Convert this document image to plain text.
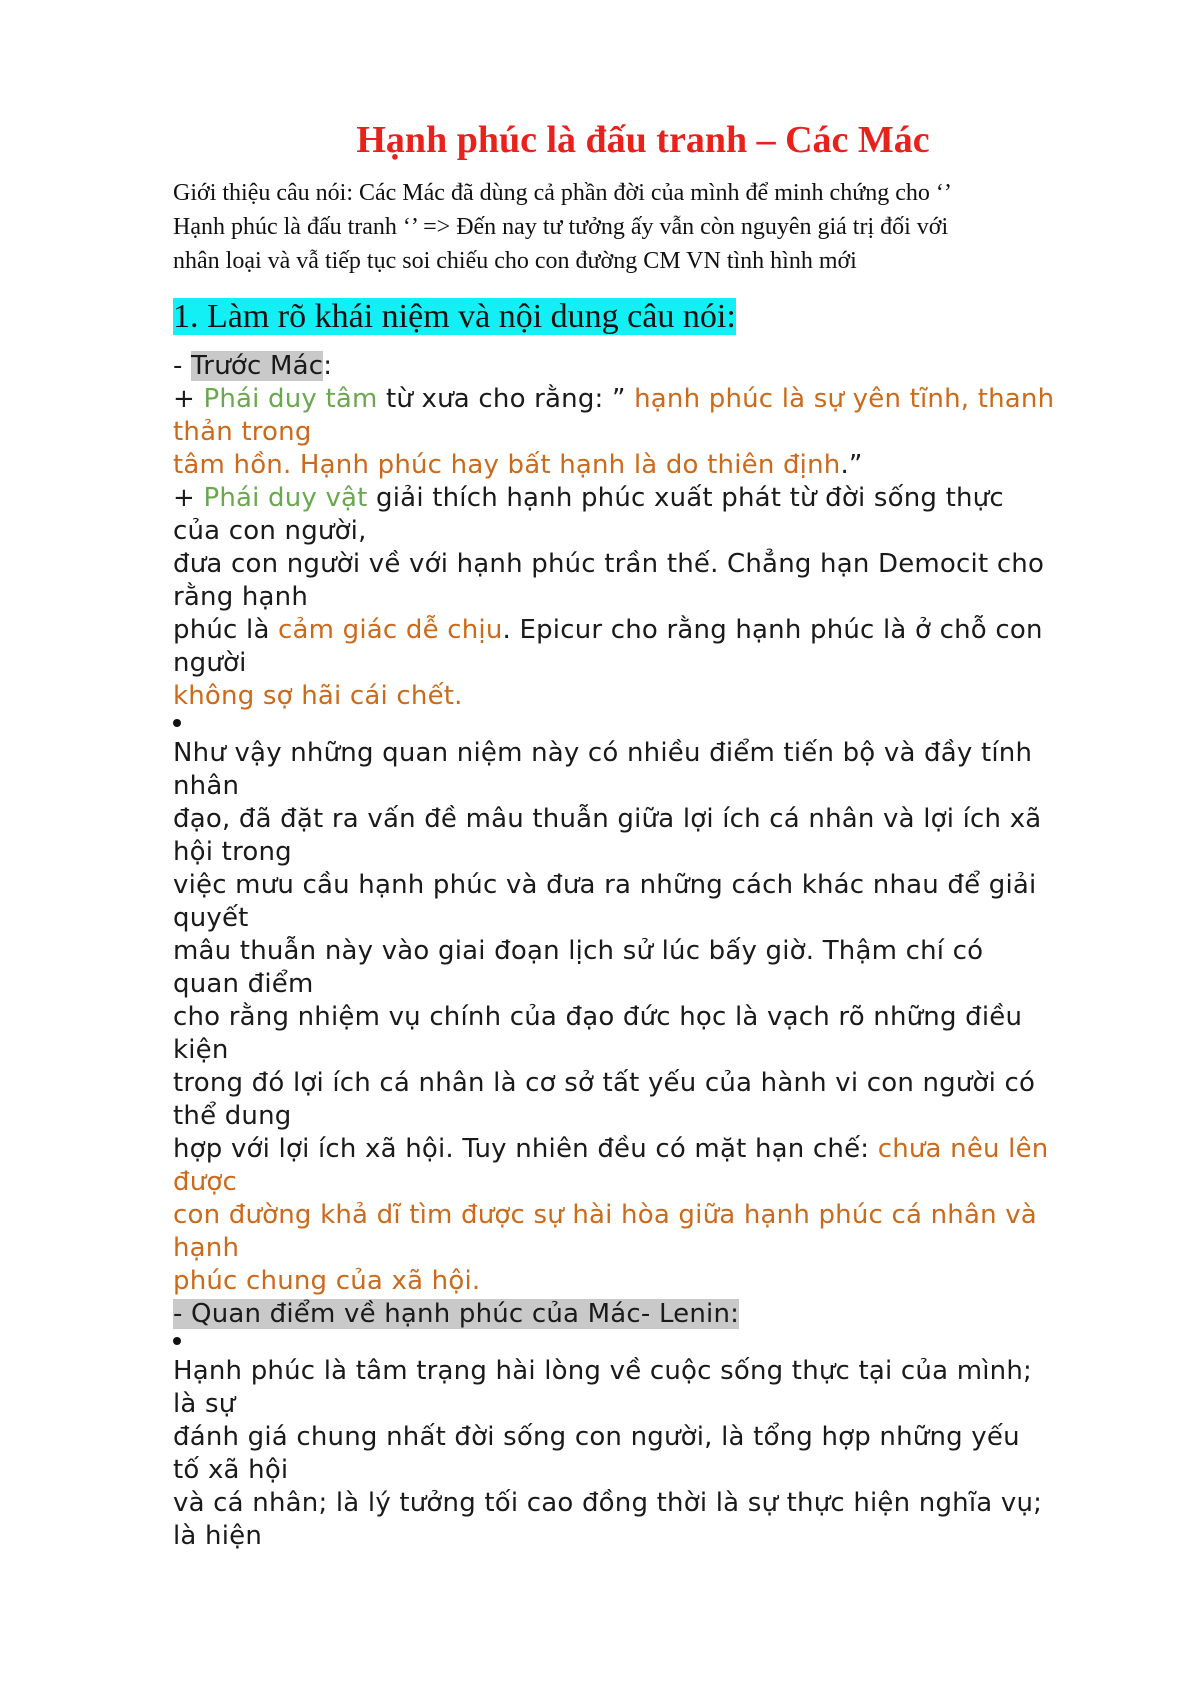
Hạnh phúc là đấu tranh – Các Mác
Giới thiệu câu nói: Các Mác đã dùng cả phần đời của mình để minh chứng cho ‘’
Hạnh phúc là đấu tranh ‘’ => Đến nay tư tưởng ấy vẫn còn nguyên giá trị đối với
nhân loại và vẫ tiếp tục soi chiếu cho con đường CM VN tình hình mới
1. Làm rõ khái niệm và nội dung câu nói:
- Trước Mác:
+ Phái duy tâm từ xưa cho rằng: ” hạnh phúc là sự yên tĩnh, thanh
thản trong
tâm hồn. Hạnh phúc hay bất hạnh là do thiên định.”
+ Phái duy vật giải thích hạnh phúc xuất phát từ đời sống thực
của con người,
đưa con người về với hạnh phúc trần thế. Chẳng hạn Democit cho
rằng hạnh
phúc là cảm giác dễ chịu. Epicur cho rằng hạnh phúc là ở chỗ con
người
không sợ hãi cái chết.
Như vậy những quan niệm này có nhiều điểm tiến bộ và đầy tính
nhân
đạo, đã đặt ra vấn đề mâu thuẫn giữa lợi ích cá nhân và lợi ích xã
hội trong
việc mưu cầu hạnh phúc và đưa ra những cách khác nhau để giải
quyết
mâu thuẫn này vào giai đoạn lịch sử lúc bấy giờ. Thậm chí có
quan điểm
cho rằng nhiệm vụ chính của đạo đức học là vạch rõ những điều
kiện
trong đó lợi ích cá nhân là cơ sở tất yếu của hành vi con người có
thể dung
hợp với lợi ích xã hội. Tuy nhiên đều có mặt hạn chế: chưa nêu lên
được
con đường khả dĩ tìm được sự hài hòa giữa hạnh phúc cá nhân và
hạnh
phúc chung của xã hội.
- Quan điểm về hạnh phúc của Mác- Lenin:
Hạnh phúc là tâm trạng hài lòng về cuộc sống thực tại của mình;
là sự
đánh giá chung nhất đời sống con người, là tổng hợp những yếu
tố xã hội
và cá nhân; là lý tưởng tối cao đồng thời là sự thực hiện nghĩa vụ;
là hiện
